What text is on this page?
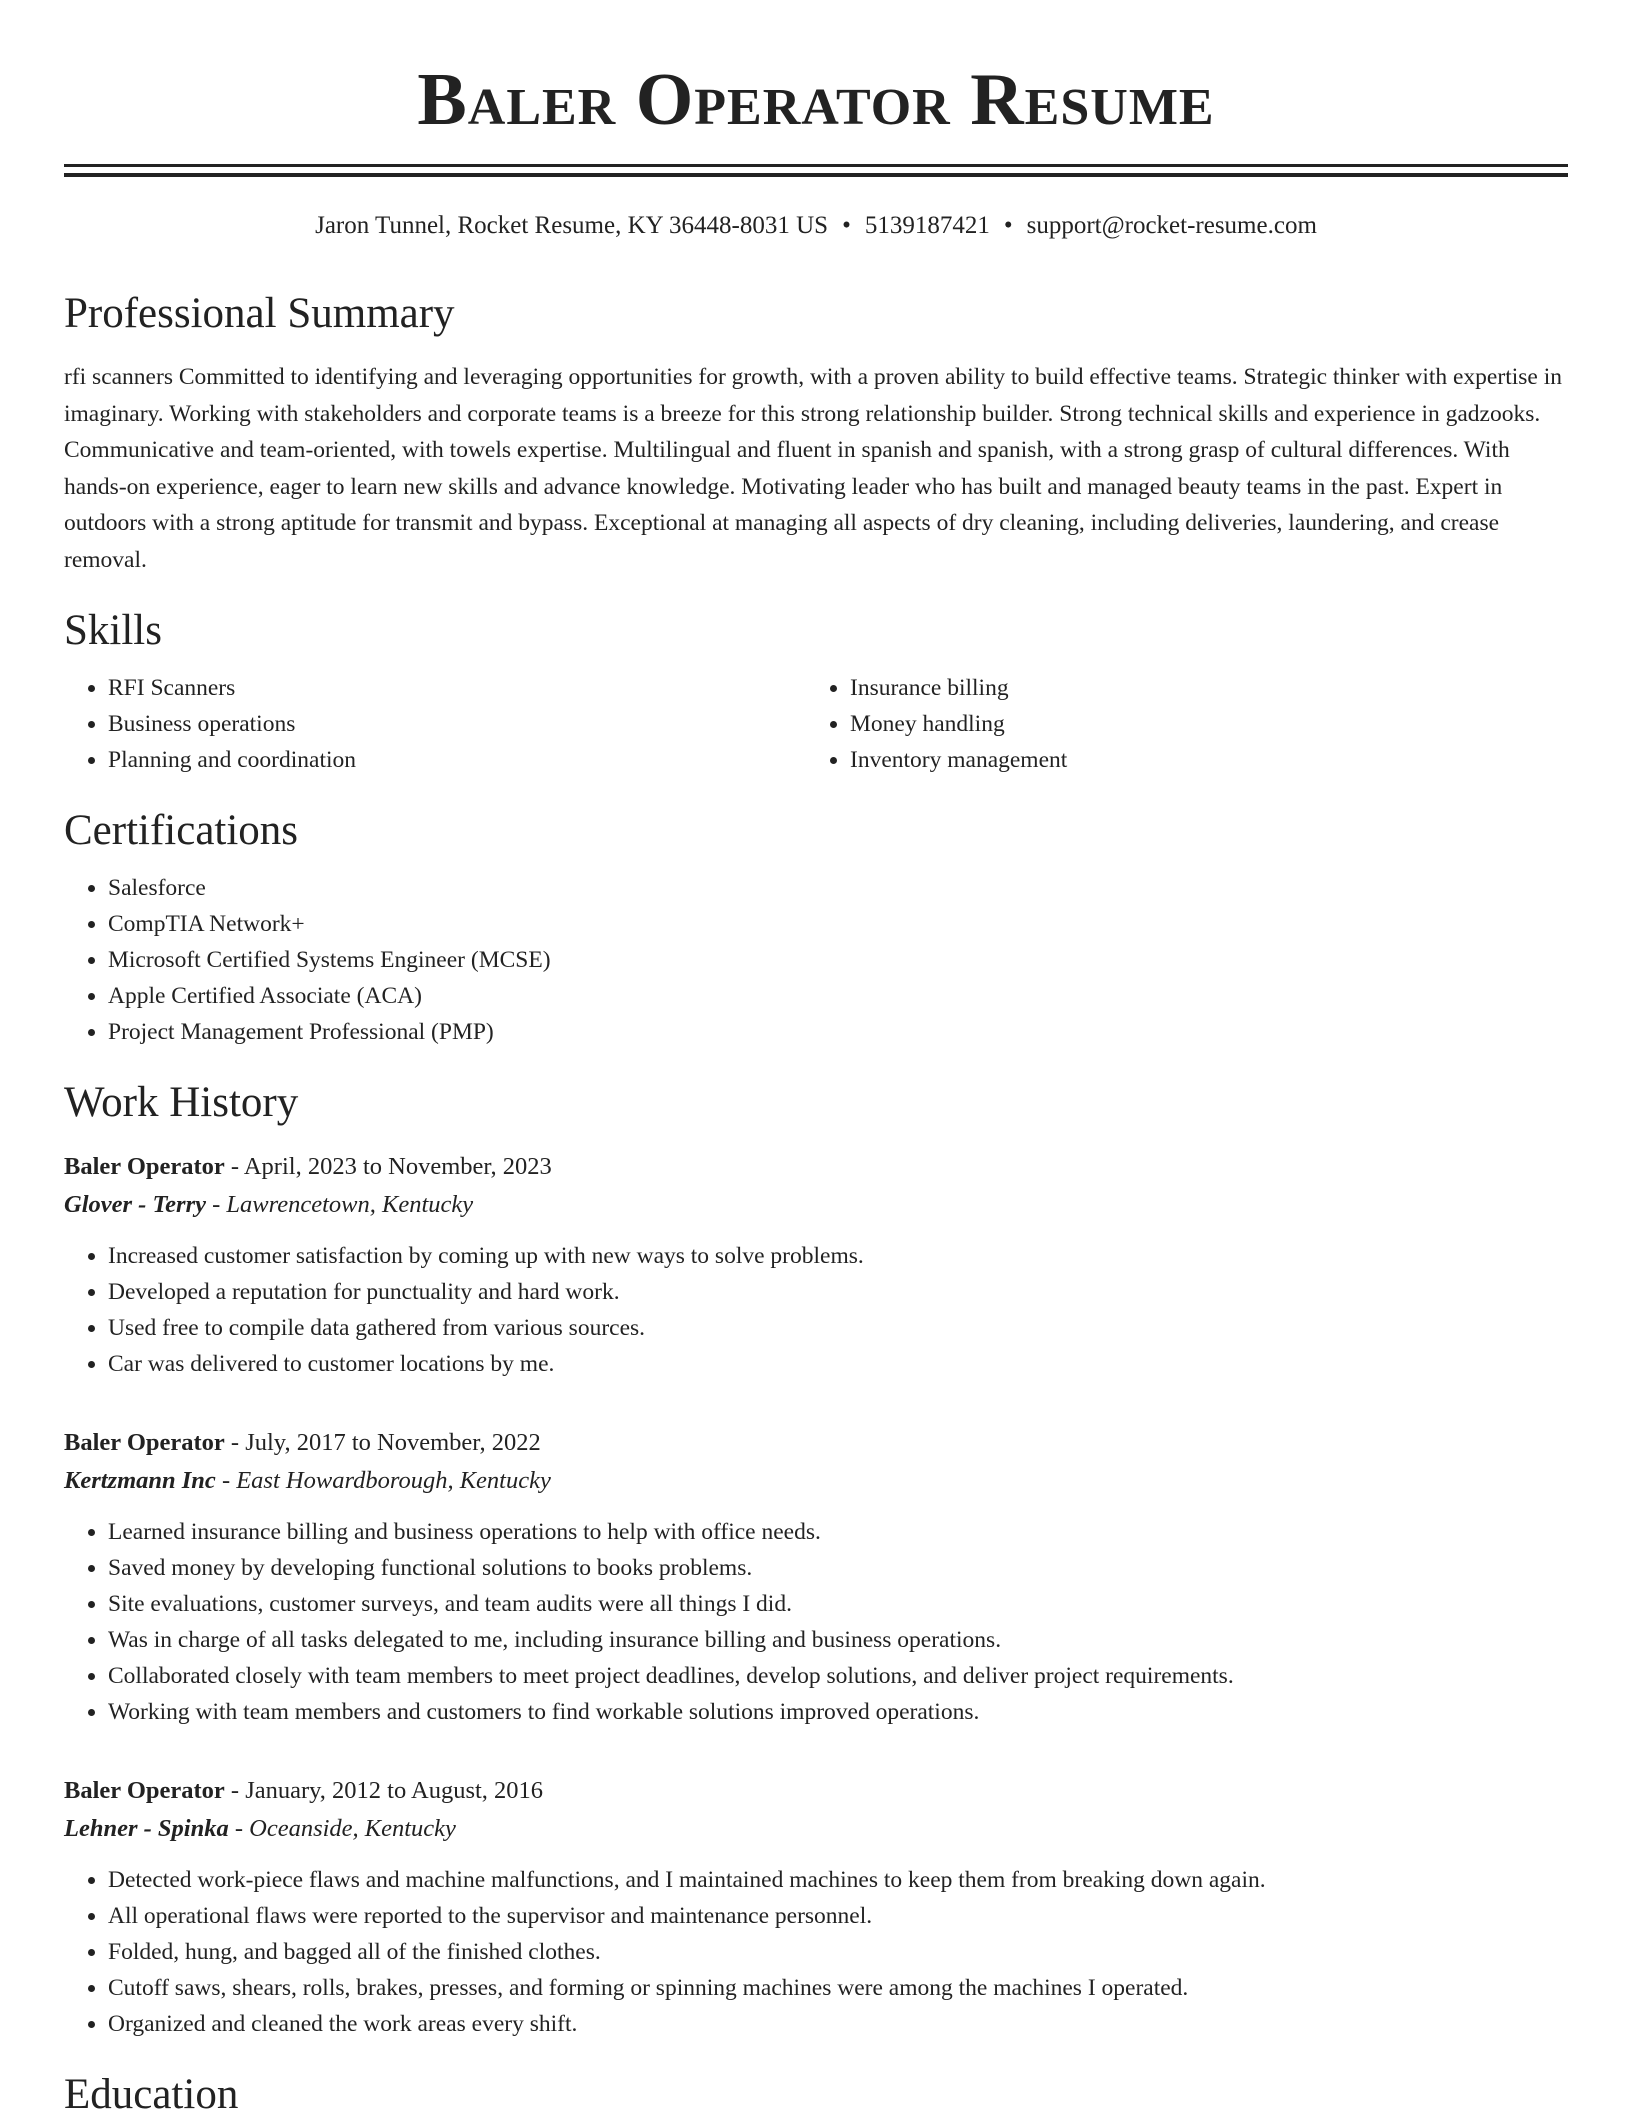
Baler Operator Resume
Jaron Tunnel, Rocket Resume, KY 36448-8031 US • 5139187421 • support@rocket-resume.com
Professional Summary

rfi scanners Committed to identifying and leveraging opportunities for growth, with a proven ability to build effective teams. Strategic thinker with expertise in imaginary. Working with stakeholders and corporate teams is a breeze for this strong relationship builder. Strong technical skills and experience in gadzooks. Communicative and team-oriented, with towels expertise. Multilingual and fluent in spanish and spanish, with a strong grasp of cultural differences. With hands-on experience, eager to learn new skills and advance knowledge. Motivating leader who has built and managed beauty teams in the past. Expert in outdoors with a strong aptitude for transmit and bypass. Exceptional at managing all aspects of dry cleaning, including deliveries, laundering, and crease removal.

Skills
• RFI Scanners
• Business operations
• Planning and coordination
• Insurance billing
• Money handling
• Inventory management
Certifications
• Salesforce
• CompTIA Network+
• Microsoft Certified Systems Engineer (MCSE)
• Apple Certified Associate (ACA)
• Project Management Professional (PMP)
Work History
Baler Operator - April, 2023 to November, 2023
Glover - Terry - Lawrencetown, Kentucky
• Increased customer satisfaction by coming up with new ways to solve problems.
• Developed a reputation for punctuality and hard work.
• Used free to compile data gathered from various sources.
• Car was delivered to customer locations by me.
Baler Operator - July, 2017 to November, 2022
Kertzmann Inc - East Howardborough, Kentucky
• Learned insurance billing and business operations to help with office needs.
• Saved money by developing functional solutions to books problems.
• Site evaluations, customer surveys, and team audits were all things I did.
• Was in charge of all tasks delegated to me, including insurance billing and business operations.
• Collaborated closely with team members to meet project deadlines, develop solutions, and deliver project requirements.
• Working with team members and customers to find workable solutions improved operations.
Baler Operator - January, 2012 to August, 2016
Lehner - Spinka - Oceanside, Kentucky
• Detected work-piece flaws and machine malfunctions, and I maintained machines to keep them from breaking down again.
• All operational flaws were reported to the supervisor and maintenance personnel.
• Folded, hung, and bagged all of the finished clothes.
• Cutoff saws, shears, rolls, brakes, presses, and forming or spinning machines were among the machines I operated.
• Organized and cleaned the work areas every shift.
Education
